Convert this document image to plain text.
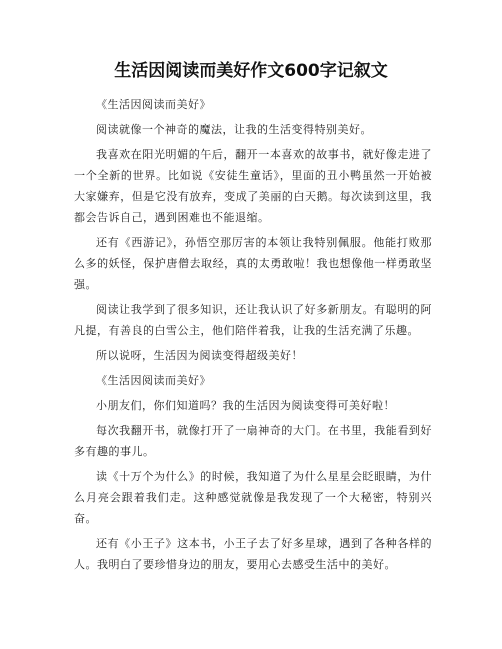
生活因阅读而美好作文600字记叙文

《生活因阅读而美好》

阅读就像一个神奇的魔法，让我的生活变得特别美好。

我喜欢在阳光明媚的午后，翻开一本喜欢的故事书，就好像走进了一个全新的世界。比如说《安徒生童话》，里面的丑小鸭虽然一开始被大家嫌弃，但是它没有放弃，变成了美丽的白天鹅。每次读到这里，我都会告诉自己，遇到困难也不能退缩。

还有《西游记》，孙悟空那厉害的本领让我特别佩服。他能打败那么多的妖怪，保护唐僧去取经，真的太勇敢啦！我也想像他一样勇敢坚强。

阅读让我学到了很多知识，还让我认识了好多新朋友。有聪明的阿凡提，有善良的白雪公主，他们陪伴着我，让我的生活充满了乐趣。

所以说呀，生活因为阅读变得超级美好！

《生活因阅读而美好》

小朋友们，你们知道吗？我的生活因为阅读变得可美好啦！

每次我翻开书，就像打开了一扇神奇的大门。在书里，我能看到好多有趣的事儿。

读《十万个为什么》的时候，我知道了为什么星星会眨眼睛，为什么月亮会跟着我们走。这种感觉就像是我发现了一个大秘密，特别兴奋。

还有《小王子》这本书，小王子去了好多星球，遇到了各种各样的人。我明白了要珍惜身边的朋友，要用心去感受生活中的美好。
